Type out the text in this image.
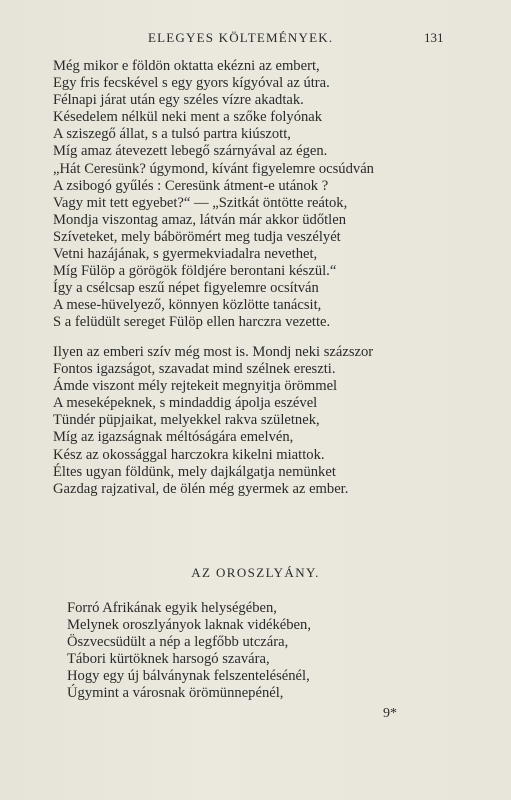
ELEGYES KÖLTEMÉNYEK.	131
Még mikor e földön oktatta ekézni az embert,
Egy fris fecskével s egy gyors kígyóval az útra.
Félnapi járat után egy széles vízre akadtak.
Késedelem nélkül neki ment a szőke folyónak
A sziszegő állat, s a tulsó partra kiúszott,
Míg amaz átevezett lebegő szárnyával az égen.
„Hát Ceresünk? úgymond, kívánt figyelemre ocsúdván
A zsibogó gyűlés : Ceresünk átment-e utánok ?
Vagy mit tett egyebet?“ — „Szitkát öntötte reátok,
Mondja viszontag amaz, látván már akkor üdőtlen
Szíveteket, mely bábörömért meg tudja veszélyét
Vetni hazájának, s gyermekviadalra nevethet,
Míg Fülöp a görögök földjére berontani készül.“
Így a csélcsap eszű népet figyelemre ocsítván
A mese-hüvelyező, könnyen közlötte tanácsit,
S a felüdült sereget Fülöp ellen harczra vezette.
Ilyen az emberi szív még most is. Mondj neki százszor
Fontos igazságot, szavadat mind szélnek ereszti.
Ámde viszont mély rejtekeit megnyitja örömmel
A meseképeknek, s mindaddig ápolja eszével
Tündér püpjaikat, melyekkel rakva születnek,
Míg az igazságnak méltóságára emelvén,
Kész az okossággal harczokra kikelni miattok.
Éltes ugyan földünk, mely dajkálgatja nemünket
Gazdag rajzatival, de ölén még gyermek az ember.
AZ OROSZLYÁNY.
Forró Afrikának egyik helységében,
Melynek oroszlyányok laknak vidékében,
Öszvecsüdült a nép a legfőbb utczára,
Tábori kürtöknek harsogó szavára,
Hogy egy új bálványnak felszentelésénél,
Úgymint a városnak örömünnepénél,
9*
